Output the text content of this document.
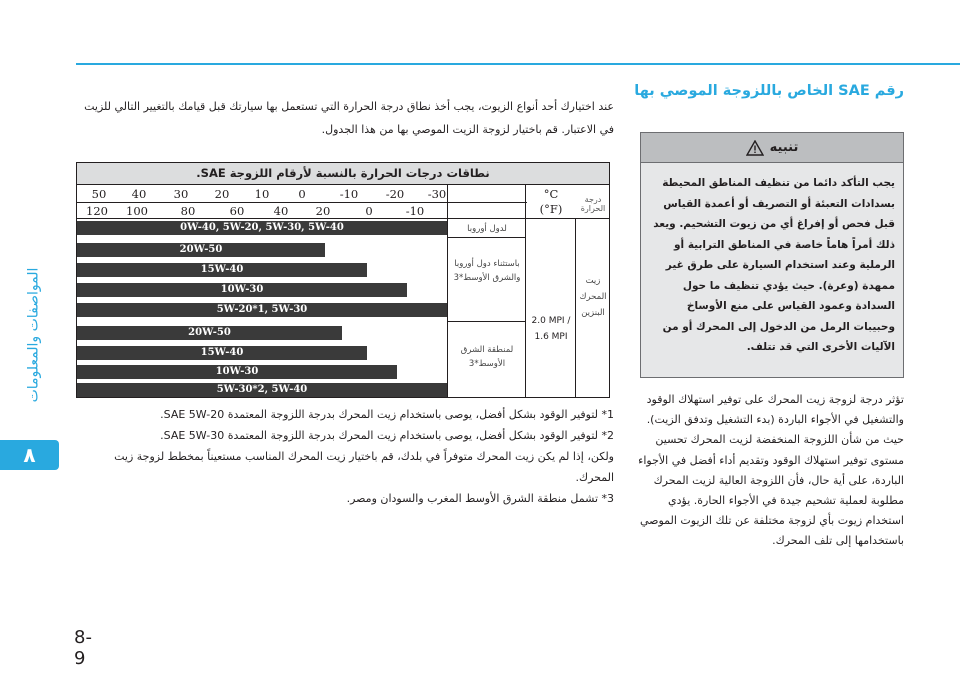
المواصفات والمعلومات
٨
8-9
رقم SAE الخاص باللزوجة الموصي بها
تنبيه
يجب التأكد دائما من تنظيف المناطق المحيطة بسدادات التعبئة أو التصريف أو أعمدة القياس قبل فحص أو إفراغ أي من زيوت التشحيم. ويعد ذلك أمراً هاماً خاصة في المناطق الترابية أو الرملية وعند استخدام السيارة على طرق غير ممهدة (وعرة). حيث يؤدي تنظيف ما حول السدادة وعمود القياس على منع الأوساخ وحبيبات الرمل من الدخول إلى المحرك أو من الآليات الأخرى التي قد تتلف.
تؤثر درجة لزوجة زيت المحرك على توفير استهلاك الوقود والتشغيل في الأجواء الباردة (بدء التشغيل وتدفق الزيت). حيث من شأن اللزوجة المنخفضة لزيت المحرك تحسين مستوى توفير استهلاك الوقود وتقديم أداء أفضل في الأجواء الباردة، على أية حال، فأن اللزوجة العالية لزيت المحرك مطلوبة لعملية تشحيم جيدة في الأجواء الحارة. يؤدي استخدام زيوت بأي لزوجة مختلفة عن تلك الزيوت الموصي باستخدامها إلى تلف المحرك.
عند اختيارك أحد أنواع الزيوت، يجب أخذ نطاق درجة الحرارة التي تستعمل بها سيارتك قبل قيامك بالتغيير التالي للزيت في الاعتبار. قم باختيار لزوجة الزيت الموصي بها من هذا الجدول.
نطاقات درجات الحرارة بالنسبة لأرقام اللزوجة SAE.
-30
-20
-10
0
10
20
30
40
50
-10
0
20
40
60
80
100
120
°C
(°F)
درجة الحرارة
0W-40, 5W-20, 5W-30, 5W-40	لدول أوروبا
20W-50
15W-40
10W-30
5W-20*1, 5W-30
باستثناء دول أوروبا والشرق الأوسط*3
20W-50
15W-40
10W-30
5W-30*2, 5W-40
لمنطقة الشرق الأوسط*3
2.0 MPI / 1.6 MPI
زيت المحرك البنزين
1* لتوفير الوقود بشكل أفضل، يوصى باستخدام زيت المحرك بدرجة اللزوجة المعتمدة SAE 5W-20.
2* لتوفير الوقود بشكل أفضل، يوصى باستخدام زيت المحرك بدرجة اللزوجة المعتمدة SAE 5W-30.
ولكن، إذا لم يكن زيت المحرك متوفراً في بلدك، قم باختيار زيت المحرك المناسب مستعيناً بمخطط لزوجة زيت المحرك.
3* تشمل منطقة الشرق الأوسط المغرب والسودان ومصر.
